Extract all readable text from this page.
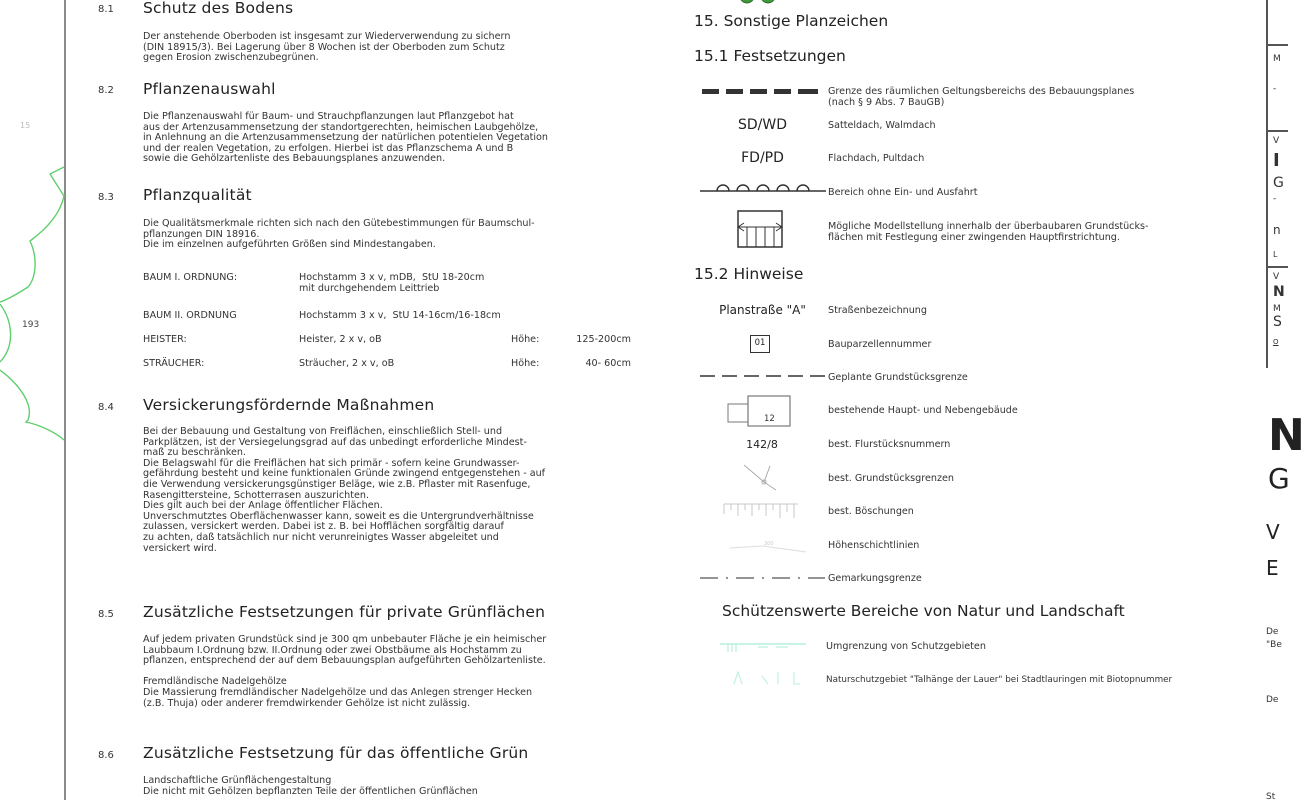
15
193
8.1 Schutz des Bodens
Der anstehende Oberboden ist insgesamt zur Wiederverwendung zu sichern
(DIN 18915/3). Bei Lagerung über 8 Wochen ist der Oberboden zum Schutz
gegen Erosion zwischenzubegrünen.
8.2 Pflanzenauswahl
Die Pflanzenauswahl für Baum- und Strauchpflanzungen laut Pflanzgebot hat
aus der Artenzusammensetzung der standortgerechten, heimischen Laubgehölze,
in Anlehnung an die Artenzusammensetzung der natürlichen potentielen Vegetation
und der realen Vegetation, zu erfolgen. Hierbei ist das Pflanzschema A und B
sowie die Gehölzartenliste des Bebauungsplanes anzuwenden.
8.3 Pflanzqualität
Die Qualitätsmerkmale richten sich nach den Gütebestimmungen für Baumschul-
pflanzungen DIN 18916.
Die im einzelnen aufgeführten Größen sind Mindestangaben.
BAUM I. ORDNUNG:	Hochstamm 3 x v, mDB,  StU 18-20cm
mit durchgehendem Leittrieb
BAUM II. ORDNUNG	Hochstamm 3 x v,  StU 14-16cm/16-18cm
HEISTER:	Heister, 2 x v, oB	Höhe:	125-200cm
STRÄUCHER:	Sträucher, 2 x v, oB	Höhe:	40- 60cm
8.4 Versickerungsfördernde Maßnahmen
Bei der Bebauung und Gestaltung von Freiflächen, einschließlich Stell- und
Parkplätzen, ist der Versiegelungsgrad auf das unbedingt erforderliche Mindest-
maß zu beschränken.
Die Belagswahl für die Freiflächen hat sich primär - sofern keine Grundwasser-
gefährdung besteht und keine funktionalen Gründe zwingend entgegenstehen - auf
die Verwendung versickerungsgünstiger Beläge, wie z.B. Pflaster mit Rasenfuge,
Rasengittersteine, Schotterrasen auszurichten.
Dies gilt auch bei der Anlage öffentlicher Flächen.
Unverschmutztes Oberflächenwasser kann, soweit es die Untergrundverhältnisse
zulassen, versickert werden. Dabei ist z. B. bei Hofflächen sorgfältig darauf
zu achten, daß tatsächlich nur nicht verunreinigtes Wasser abgeleitet und
versickert wird.
8.5 Zusätzliche Festsetzungen für private Grünflächen
Auf jedem privaten Grundstück sind je 300 qm unbebauter Fläche je ein heimischer
Laubbaum I.Ordnung bzw. II.Ordnung oder zwei Obstbäume als Hochstamm zu
pflanzen, entsprechend der auf dem Bebauungsplan aufgeführten Gehölzartenliste.

Fremdländische Nadelgehölze
Die Massierung fremdländischer Nadelgehölze und das Anlegen strenger Hecken
(z.B. Thuja) oder anderer fremdwirkender Gehölze ist nicht zulässig.
8.6 Zusätzliche Festsetzung für das öffentliche Grün
Landschaftliche Grünflächengestaltung
Die nicht mit Gehölzen bepflanzten Teile der öffentlichen Grünflächen
15. Sonstige Planzeichen
15.1 Festsetzungen
Grenze des räumlichen Geltungsbereichs des Bebauungsplanes
(nach § 9 Abs. 7 BauGB)
SD/WD	Satteldach, Walmdach
FD/PD	Flachdach, Pultdach
Bereich ohne Ein- und Ausfahrt
Mögliche Modellstellung innerhalb der überbaubaren Grundstücks-
flächen mit Festlegung einer zwingenden Hauptfirstrichtung.
15.2 Hinweise
Planstraße "A"	Straßenbezeichnung
01	Bauparzellennummer
Geplante Grundstücksgrenze
12
bestehende Haupt- und Nebengebäude
142/8	best. Flurstücksnummern
best. Grundstücksgrenzen
best. Böschungen
300	Höhenschichtlinien
Gemarkungsgrenze
Schützenswerte Bereiche von Natur und Landschaft
Umgrenzung von Schutzgebieten
Naturschutzgebiet "Talhänge der Lauer" bei Stadtlauringen mit Biotopnummer
M
-
V
I
G
-
n
L
V
N
M
S
O
N
G
V
E
De
"Be
De
St
